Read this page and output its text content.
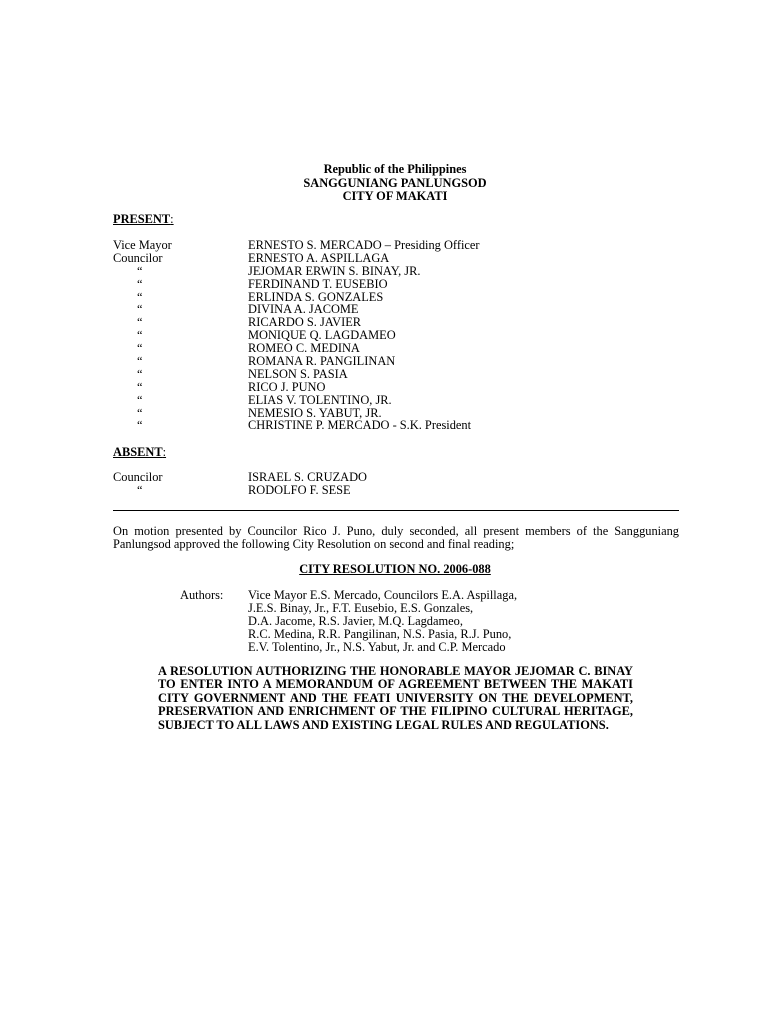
Republic of the Philippines
SANGGUNIANG PANLUNGSOD
CITY OF MAKATI
PRESENT:
Vice Mayor	ERNESTO S. MERCADO – Presiding Officer
Councilor	ERNESTO A. ASPILLAGA
“	JEJOMAR ERWIN S. BINAY, JR.
“	FERDINAND T. EUSEBIO
“	ERLINDA S. GONZALES
“	DIVINA A. JACOME
“	RICARDO S. JAVIER
“	MONIQUE Q. LAGDAMEO
“	ROMEO C. MEDINA
“	ROMANA R. PANGILINAN
“	NELSON S. PASIA
“	RICO J. PUNO
“	ELIAS V. TOLENTINO, JR.
“	NEMESIO S. YABUT, JR.
“	CHRISTINE P. MERCADO - S.K. President
ABSENT:
Councilor	ISRAEL S. CRUZADO
“	RODOLFO F. SESE
On motion presented by Councilor Rico J. Puno, duly seconded, all present members of the Sangguniang Panlungsod approved the following City Resolution on second and final reading;
CITY RESOLUTION NO. 2006-088
Authors: Vice Mayor E.S. Mercado, Councilors E.A. Aspillaga,
J.E.S. Binay, Jr., F.T. Eusebio, E.S. Gonzales,
D.A. Jacome, R.S. Javier, M.Q. Lagdameo,
R.C. Medina, R.R. Pangilinan, N.S. Pasia, R.J. Puno,
E.V. Tolentino, Jr., N.S. Yabut, Jr. and C.P. Mercado
A RESOLUTION AUTHORIZING THE HONORABLE MAYOR JEJOMAR C. BINAY TO ENTER INTO A MEMORANDUM OF AGREEMENT BETWEEN THE MAKATI CITY GOVERNMENT AND THE FEATI UNIVERSITY ON THE DEVELOPMENT, PRESERVATION AND ENRICHMENT OF THE FILIPINO CULTURAL HERITAGE, SUBJECT TO ALL LAWS AND EXISTING LEGAL RULES AND REGULATIONS.
